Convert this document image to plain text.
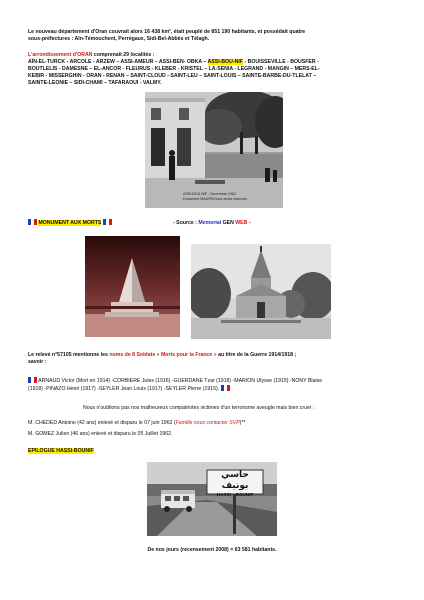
Le nouveau département d'Oran couvrait alors 16 438 km², était peuplé de 851 190 habitants, et possédait quatre
sous-préfectures : Aïn-Témouchent, Perrégaux, Sidi-Bel-Abbès et Télagh.
L'arrondissement d'ORAN comprenait 29 localités :
AÏN-EL-TURCK - ARCOLE - ARZEW – ASSI-AMEUR – ASSI-BEN- OBKA – ASSI-BOU-NIF - BOUISSEVILLE - BOUSFER -
BOUTLELIS - DAMESNE – EL-ANCOR - FLEURUS - KLEBER - KRISTEL – LA-SENIA - LEGRAND - MANGIN – MERS-EL-
KEBIR - MISSERGHIN - ORAN - RENAN – SAINT-CLOUD - SAINT-LEU – SAINT-LOUIS – SAINTE-BARBE-DU-TLELAT –
SAINTE-LEONIE – SIDI-CHAMI – TAFARAOUI - VALMY.
ASSI-BOU-NIF - Novembre 1962
Document MAURIN tous droits réservés
MONUMENT AUX MORTS	- Source : Memorial GEN WEB -
Le relevé n°57105 mentionne les noms de 8 Soldats « Morts pour la France » au titre de la Guerre 1914/1918 ;
savoir :
ARNAUD Victor (Mort en 1914) -CORBIERE Jules (1916) -GUERDANE Tzar (1918) -MARION Ulysse (1915) -NONY Blaise
(1918) -PINAZO Henri (1917) -SEYLER Jean Louis (1917) -SEYLER Pierre (1915).
Nous n'oublions pas nos malheureux compatriotes victimes d'un terrorisme aveugle mais bien cruel :
M. CHEDED Antoine (42 ans) enlevé et disparu le 07 juin 1962 (Famille nous contacter SVP)**
M. GOMEZ Julien (46 ans) enlevé et disparu le 05 Juillet 1962.
EPILOGUE HASSI-BOUNIF
حاسي بونيف
HASSI    BOUNIF
De nos jours (recensement 2008) = 63 581 habitants.
